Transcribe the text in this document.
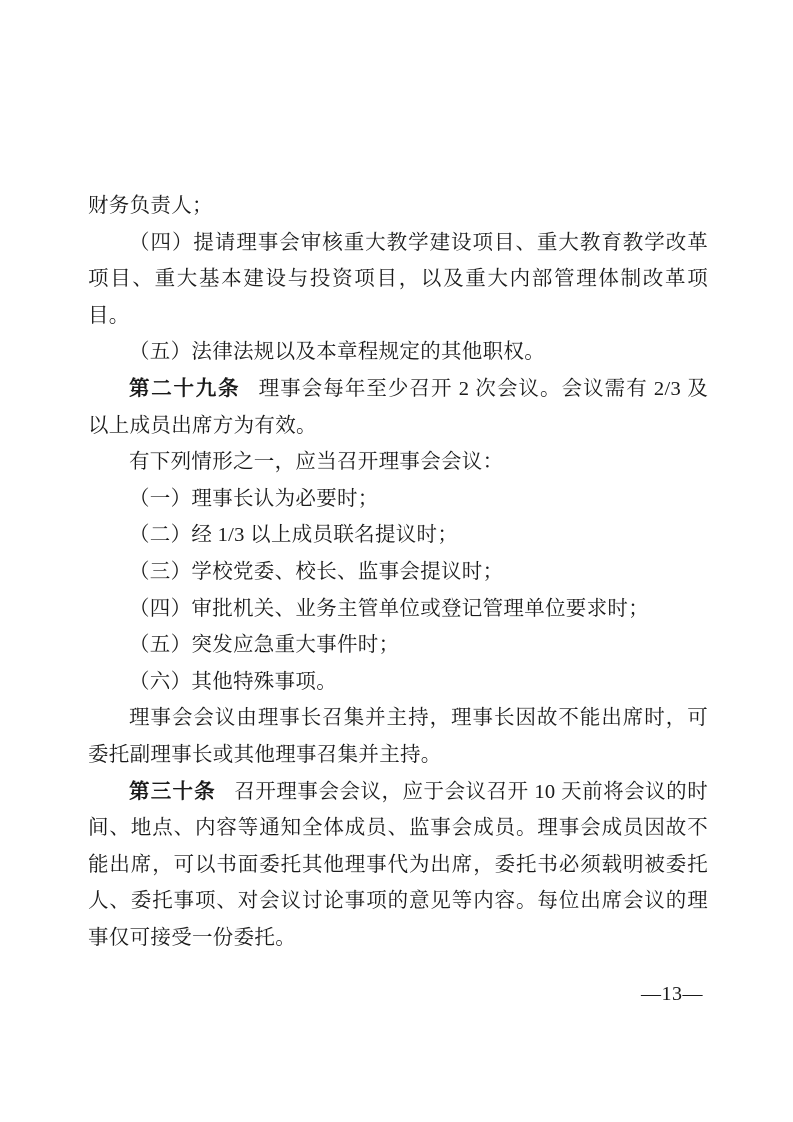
财务负责人；

（四）提请理事会审核重大教学建设项目、重大教育教学改革项目、重大基本建设与投资项目，以及重大内部管理体制改革项目。

（五）法律法规以及本章程规定的其他职权。

第二十九条 理事会每年至少召开 2 次会议。会议需有 2/3 及以上成员出席方为有效。

有下列情形之一，应当召开理事会会议：

（一）理事长认为必要时；

（二）经 1/3 以上成员联名提议时；

（三）学校党委、校长、监事会提议时；

（四）审批机关、业务主管单位或登记管理单位要求时；

（五）突发应急重大事件时；

（六）其他特殊事项。

理事会会议由理事长召集并主持，理事长因故不能出席时，可委托副理事长或其他理事召集并主持。

第三十条 召开理事会会议，应于会议召开 10 天前将会议的时间、地点、内容等通知全体成员、监事会成员。理事会成员因故不能出席，可以书面委托其他理事代为出席，委托书必须载明被委托人、委托事项、对会议讨论事项的意见等内容。每位出席会议的理事仅可接受一份委托。

—13—
